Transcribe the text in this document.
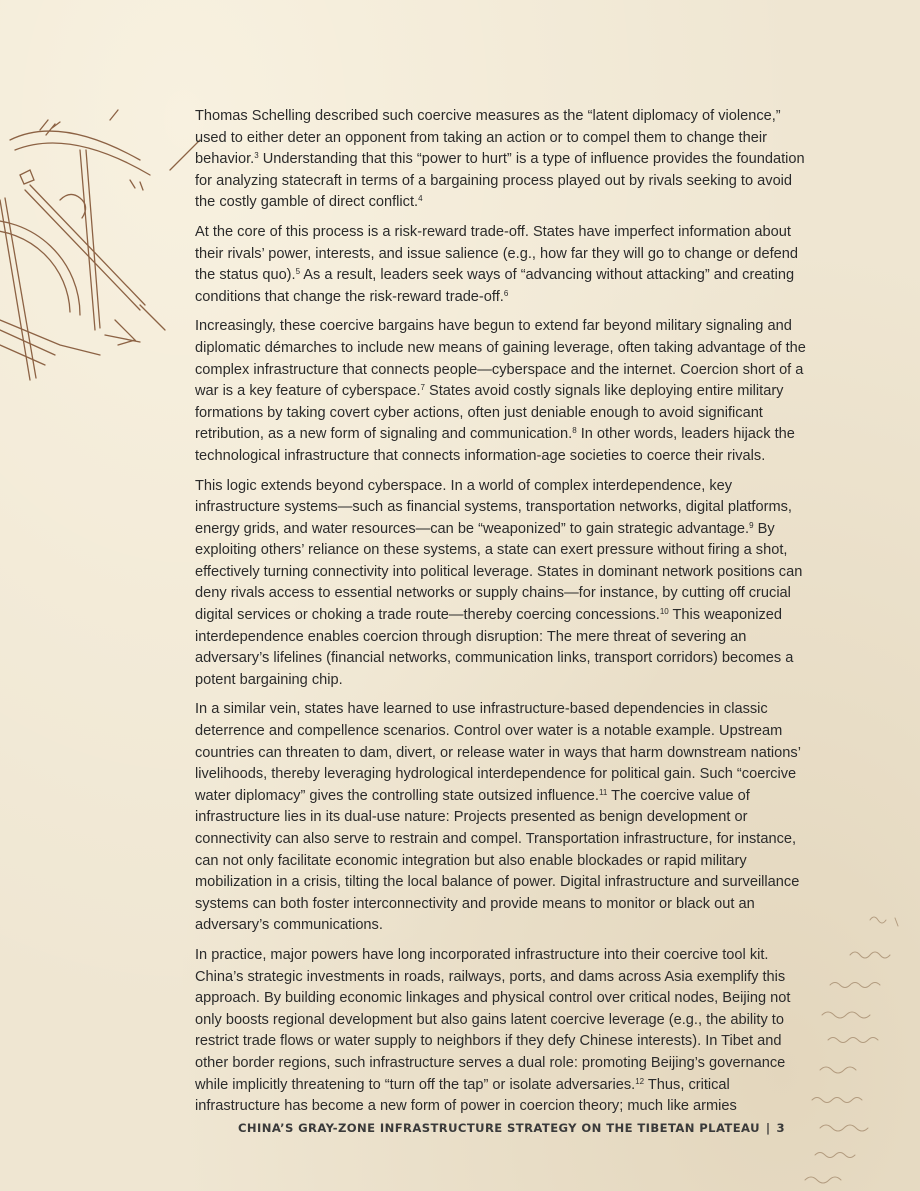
Thomas Schelling described such coercive measures as the “latent diplomacy of violence,” used to either deter an opponent from taking an action or to compel them to change their behavior.$^3$ Understanding that this “power to hurt” is a type of influence provides the foundation for analyzing statecraft in terms of a bargaining process played out by rivals seeking to avoid the costly gamble of direct conflict.$^4$

At the core of this process is a risk-reward trade-off. States have imperfect information about their rivals’ power, interests, and issue salience (e.g., how far they will go to change or defend the status quo).$^5$ As a result, leaders seek ways of “advancing without attacking” and creating conditions that change the risk-reward trade-off.$^6$

Increasingly, these coercive bargains have begun to extend far beyond military signaling and diplomatic démarches to include new means of gaining leverage, often taking advantage of the complex infrastructure that connects people—cyberspace and the internet. Coercion short of a war is a key feature of cyberspace.$^7$ States avoid costly signals like deploying entire military formations by taking covert cyber actions, often just deniable enough to avoid significant retribution, as a new form of signaling and communication.$^8$ In other words, leaders hijack the technological infrastructure that connects information-age societies to coerce their rivals.

This logic extends beyond cyberspace. In a world of complex interdependence, key infrastructure systems—such as financial systems, transportation networks, digital platforms, energy grids, and water resources—can be “weaponized” to gain strategic advantage.$^9$ By exploiting others’ reliance on these systems, a state can exert pressure without firing a shot, effectively turning connectivity into political leverage. States in dominant network positions can deny rivals access to essential networks or supply chains—for instance, by cutting off crucial digital services or choking a trade route—thereby coercing concessions.$^{10}$ This weaponized interdependence enables coercion through disruption: The mere threat of severing an adversary’s lifelines (financial networks, communication links, transport corridors) becomes a potent bargaining chip.

In a similar vein, states have learned to use infrastructure-based dependencies in classic deterrence and compellence scenarios. Control over water is a notable example. Upstream countries can threaten to dam, divert, or release water in ways that harm downstream nations’ livelihoods, thereby leveraging hydrological interdependence for political gain. Such “coercive water diplomacy” gives the controlling state outsized influence.$^{11}$ The coercive value of infrastructure lies in its dual-use nature: Projects presented as benign development or connectivity can also serve to restrain and compel. Transportation infrastructure, for instance, can not only facilitate economic integration but also enable blockades or rapid military mobilization in a crisis, tilting the local balance of power. Digital infrastructure and surveillance systems can both foster interconnectivity and provide means to monitor or black out an adversary’s communications.

In practice, major powers have long incorporated infrastructure into their coercive tool kit. China’s strategic investments in roads, railways, ports, and dams across Asia exemplify this approach. By building economic linkages and physical control over critical nodes, Beijing not only boosts regional development but also gains latent coercive leverage (e.g., the ability to restrict trade flows or water supply to neighbors if they defy Chinese interests). In Tibet and other border regions, such infrastructure serves a dual role: promoting Beijing’s governance while implicitly threatening to “turn off the tap” or isolate adversaries.$^{12}$ Thus, critical infrastructure has become a new form of power in coercion theory; much like armies

CHINA’S GRAY-ZONE INFRASTRUCTURE STRATEGY ON THE TIBETAN PLATEAU | 3
